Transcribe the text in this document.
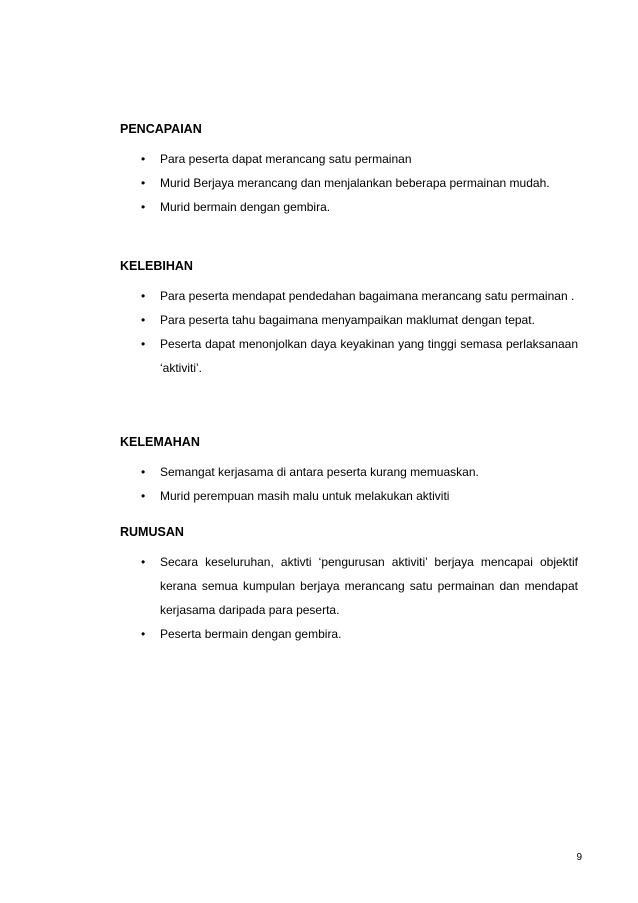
PENCAPAIAN
• Para peserta dapat merancang satu permainan
• Murid Berjaya merancang dan menjalankan beberapa permainan mudah.
• Murid bermain dengan gembira.
KELEBIHAN
• Para peserta mendapat pendedahan bagaimana merancang satu permainan .
• Para peserta tahu bagaimana menyampaikan maklumat dengan tepat.
• Peserta dapat menonjolkan daya keyakinan yang tinggi semasa perlaksanaan ‘aktiviti’.
KELEMAHAN
• Semangat kerjasama di antara peserta kurang memuaskan.
• Murid perempuan masih malu untuk melakukan aktiviti
RUMUSAN
• Secara keseluruhan, aktivti ‘pengurusan aktiviti’ berjaya mencapai objektif kerana semua kumpulan berjaya merancang satu permainan dan mendapat kerjasama daripada para peserta.
• Peserta bermain dengan gembira.
9
